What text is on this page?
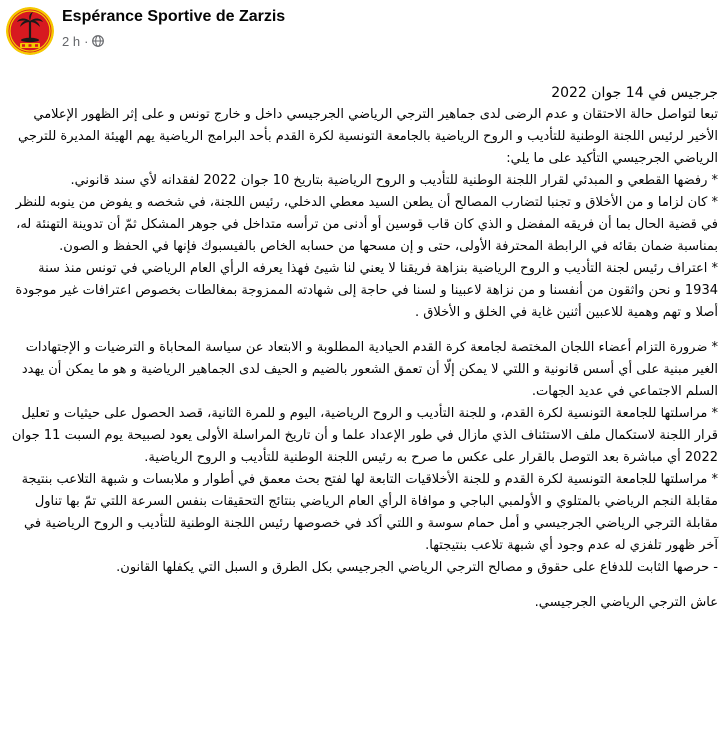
Espérance Sportive de Zarzis
2 h ·

جرجيس في 14 جوان 2022

تبعا لتواصل حالة الاحتقان و عدم الرضى لدى جماهير الترجي الرياضي الجرجيسي داخل و خارج تونس و على إثر الظهور الإعلامي الأخير لرئيس اللجنة الوطنية للتأديب و الروح الرياضية بالجامعة التونسية لكرة القدم بأحد البرامج الرياضية يهم الهيئة المديرة للترجي الرياضي الجرجيسي التأكيد على ما يلي:

* رفضها القطعي و المبدئي لقرار اللجنة الوطنية للتأديب و الروح الرياضية بتاريخ 10 جوان 2022 لفقدانه لأي سند قانوني.

* كان لزاما و من الأخلاق و تجنبا لتضارب المصالح أن يطعن السيد معطي الدخلي، رئيس اللجنة، في شخصه و يفوض من ينوبه للنظر في قضية الحال بما أن فريقه المفضل و الذي كان قاب قوسين أو أدنى من ترأسه متداخل في جوهر المشكل ثمّ أن تدوينة التهنئة له، بمناسبة ضمان بقائه في الرابطة المحترفة الأولى، حتى و إن مسحها من حسابه الخاص بالفيسبوك فإنها في الحفظ و الصون.

* اعتراف رئيس لجنة التأديب و الروح الرياضية بنزاهة فريقنا لا يعني لنا شيئ فهذا يعرفه الرأي العام الرياضي في تونس منذ سنة 1934 و نحن واثقون من أنفسنا و من نزاهة لاعبينا و لسنا في حاجة إلى شهادته الممزوجة بمغالطات بخصوص اعترافات غير موجودة أصلا و تهم وهمية للاعبين أثنين غاية في الخلق و الأخلاق .

* ضرورة التزام أعضاء اللجان المختصة لجامعة كرة القدم الحيادية المطلوبة و الابتعاد عن سياسة المحاباة و الترضيات و الإجتهادات الغير مبنية على أي أسس قانونية و اللتي لا يمكن إلّا أن تعمق الشعور بالضيم و الحيف لدى الجماهير الرياضية و هو ما يمكن أن يهدد السلم الاجتماعي في عديد الجهات.

* مراسلتها للجامعة التونسية لكرة القدم، و للجنة التأديب و الروح الرياضية، اليوم و للمرة الثانية، قصد الحصول على حيثيات و تعليل قرار اللجنة لاستكمال ملف الاستئناف الذي مازال في طور الإعداد علما و أن تاريخ المراسلة الأولى يعود لصبيحة يوم السبت 11 جوان 2022 أي مباشرة بعد التوصل بالقرار على عكس ما صرح به رئيس اللجنة الوطنية للتأديب و الروح الرياضية.

* مراسلتها للجامعة التونسية لكرة القدم و للجنة الأخلاقيات التابعة لها لفتح بحث معمق في أطوار و ملابسات و شبهة التلاعب بنتيجة مقابلة النجم الرياضي بالمتلوي و الأولمبي الباجي و موافاة الرأي العام الرياضي بنتائج التحقيقات بنفس السرعة اللتي تمّ بها تناول مقابلة الترجي الرياضي الجرجيسي و أمل حمام سوسة و اللتي أكد في خصوصها رئيس اللجنة الوطنية للتأديب و الروح الرياضية في آخر ظهور تلفزي له عدم وجود أي شبهة تلاعب بنتيجتها.

- حرصها الثابت للدفاع على حقوق و مصالح الترجي الرياضي الجرجيسي بكل الطرق و السبل التي يكفلها القانون.

عاش الترجي الرياضي الجرجيسي.
